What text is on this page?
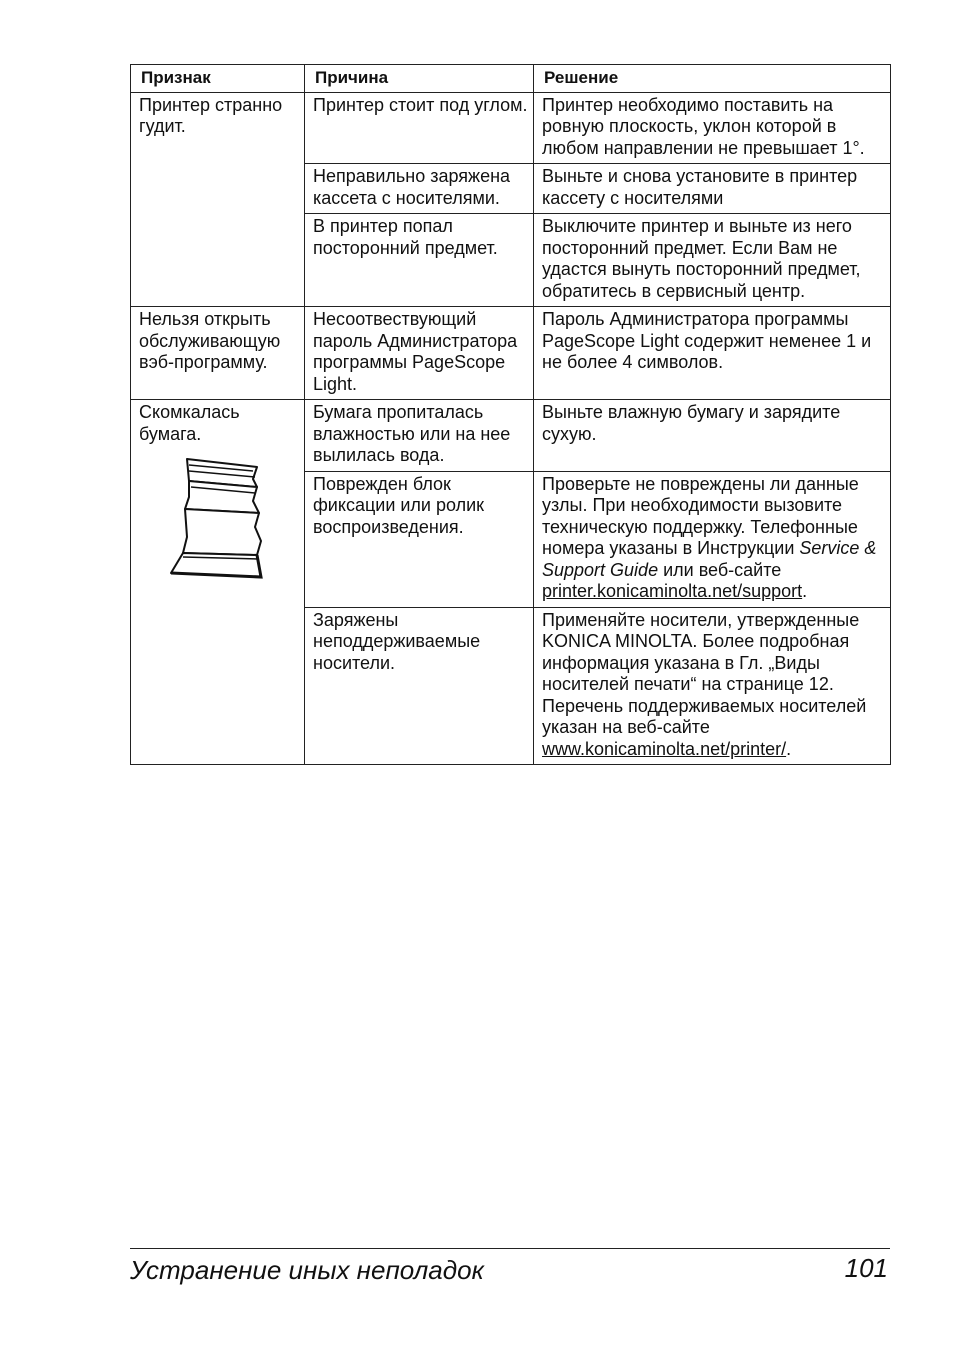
Признак	Причина	Решение
Принтер странно гудит.	Принтер стоит под углом.	Принтер необходимо поставить на ровную плоскость, уклон которой в любом направлении не превышает 1°.
	Неправильно заряжена кассета с носителями.	Выньте и снова установите в принтер кассету с носителями
	В принтер попал посторонний предмет.	Выключите принтер и выньте из него посторонний предмет. Если Вам не удастся вынуть посторонний предмет, обратитесь в сервисный центр.
Нельзя открыть обслуживающую вэб-программу.	Несоотвествующий пароль Администратора программы PageScope Light.	Пароль Администратора программы PageScope Light содержит неменее 1 и не более 4 символов.

Скомкалась бумага.	Бумага пропиталась влажностью или на нее вылилась вода.	Выньте влажную бумагу и зарядите сухую.
	Поврежден блок фиксации или ролик воспроизведения.	Проверьте не повреждены ли данные узлы. При необходимости вызовите техническую поддержку. Телефонные номера указаны в Инструкции Service & Support Guide или веб-сайте printer.konicaminolta.net/support.
	Заряжены неподдерживаемые носители.	Применяйте носители, утвержденные KONICA MINOLTA. Более подробная информация указана в Гл. „Виды носителей печати“ на странице 12. Перечень поддерживаемых носителей указан на веб-сайте www.konicaminolta.net/printer/.
Устранение иных неполадок	101
